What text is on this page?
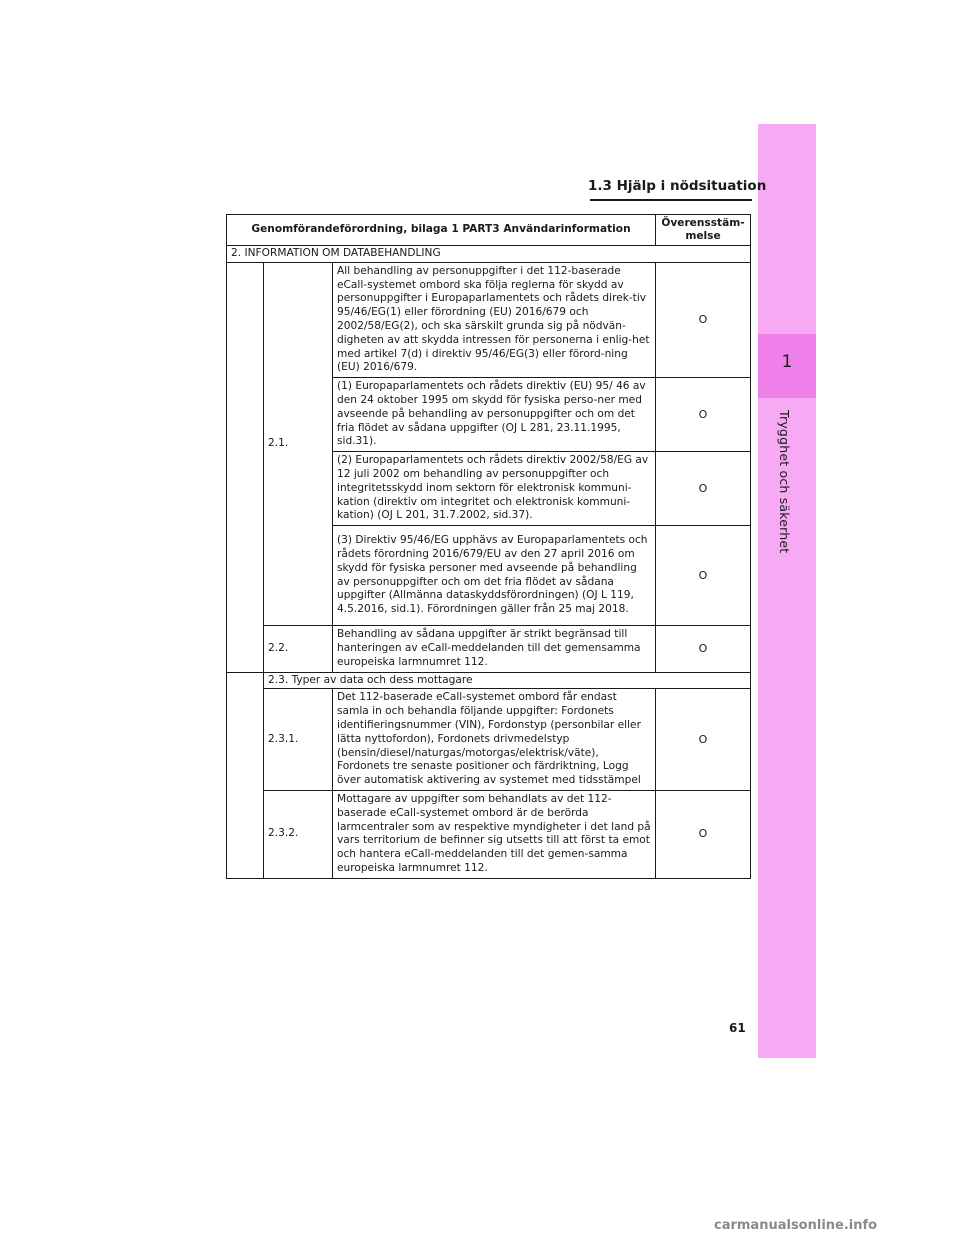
1
Trygghet och säkerhet
1.3 Hjälp i nödsituation
Genomförandeförordning, bilaga 1 PART3 Användarinformation			Överensstäm-
melse
2. INFORMATION OM DATABEHANDLING			
	2.1.	All behandling av personuppgifter i det 112-baserade eCall-systemet ombord ska följa reglerna för skydd av personuppgifter i Europaparlamentets och rådets direk-tiv 95/46/EG(1) eller förordning (EU) 2016/679 och 2002/58/EG(2), och ska särskilt grunda sig på nödvän-digheten av att skydda intressen för personerna i enlig-het med artikel 7(d) i direktiv 95/46/EG(3) eller förord-ning (EU) 2016/679.	O
		(1) Europaparlamentets och rådets direktiv (EU) 95/ 46 av den 24 oktober 1995 om skydd för fysiska perso-ner med avseende på behandling av personuppgifter och om det fria flödet av sådana uppgifter (OJ L 281, 23.11.1995, sid.31).	O
		(2) Europaparlamentets och rådets direktiv 2002/58/EG av 12 juli 2002 om behandling av personuppgifter och integritetsskydd inom sektorn för elektronisk kommuni-kation (direktiv om integritet och elektronisk kommuni-kation) (OJ L 201, 31.7.2002, sid.37).	O
		(3) Direktiv 95/46/EG upphävs av Europaparlamentets och rådets förordning 2016/679/EU av den 27 april 2016 om skydd för fysiska personer med avseende på behandling av personuppgifter och om det fria flödet av sådana uppgifter (Allmänna dataskyddsförordningen) (OJ L 119, 4.5.2016, sid.1). Förordningen gäller från 25 maj 2018.	O
	2.2.	Behandling av sådana uppgifter är strikt begränsad till hanteringen av eCall-meddelanden till det gemensamma europeiska larmnumret 112.	O
	2.3. Typer av data och dess mottagare		
	2.3.1.	Det 112-baserade eCall-systemet ombord får endast samla in och behandla följande uppgifter: Fordonets identifieringsnummer (VIN), Fordonstyp (personbilar eller lätta nyttofordon), Fordonets drivmedelstyp (bensin/diesel/naturgas/motorgas/elektrisk/väte), Fordonets tre senaste positioner och färdriktning, Logg över automatisk aktivering av systemet med tidsstämpel	O
	2.3.2.	Mottagare av uppgifter som behandlats av det 112- baserade eCall-systemet ombord är de berörda larmcentraler som av respektive myndigheter i det land på vars territorium de befinner sig utsetts till att först ta emot och hantera eCall-meddelanden till det gemen-samma europeiska larmnumret 112.	O
61
carmanualsonline.info
